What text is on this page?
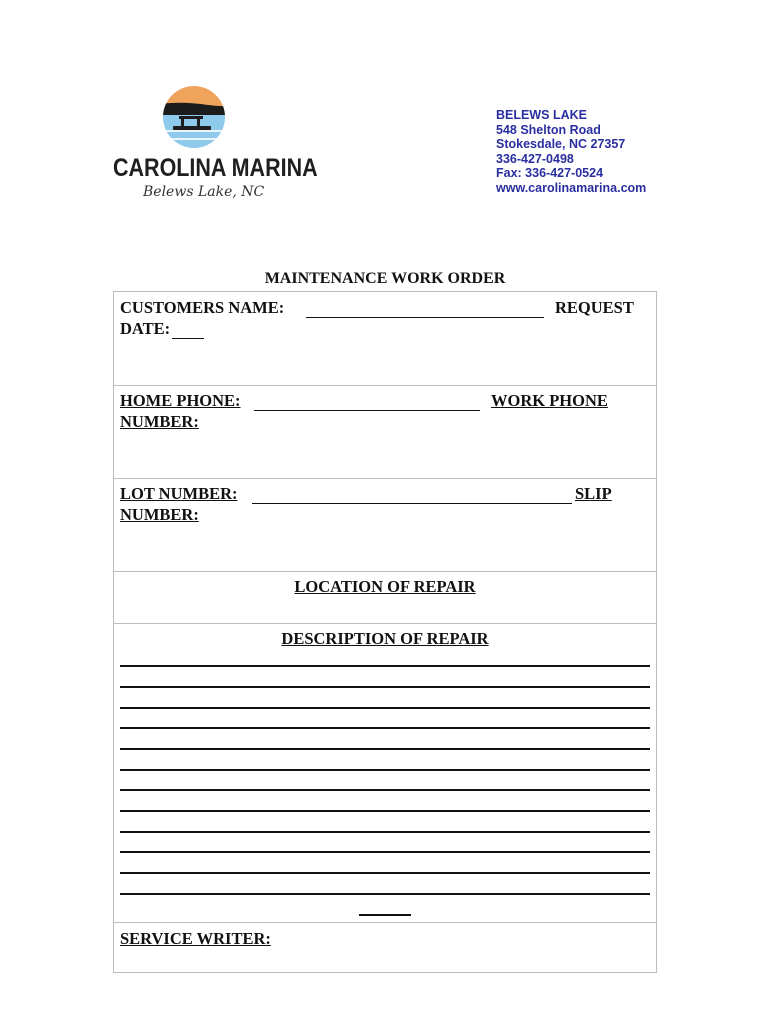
CAROLINA MARINA
Belews Lake, NC
BELEWS LAKE
548 Shelton Road
Stokesdale, NC 27357
336-427-0498
Fax: 336-427-0524
www.carolinamarina.com
MAINTENANCE WORK ORDER
CUSTOMERS NAME:	REQUEST
DATE:
HOME PHONE:	WORK PHONE
NUMBER:
LOT NUMBER:	SLIP
NUMBER:
LOCATION OF REPAIR
DESCRIPTION OF REPAIR
SERVICE WRITER:
